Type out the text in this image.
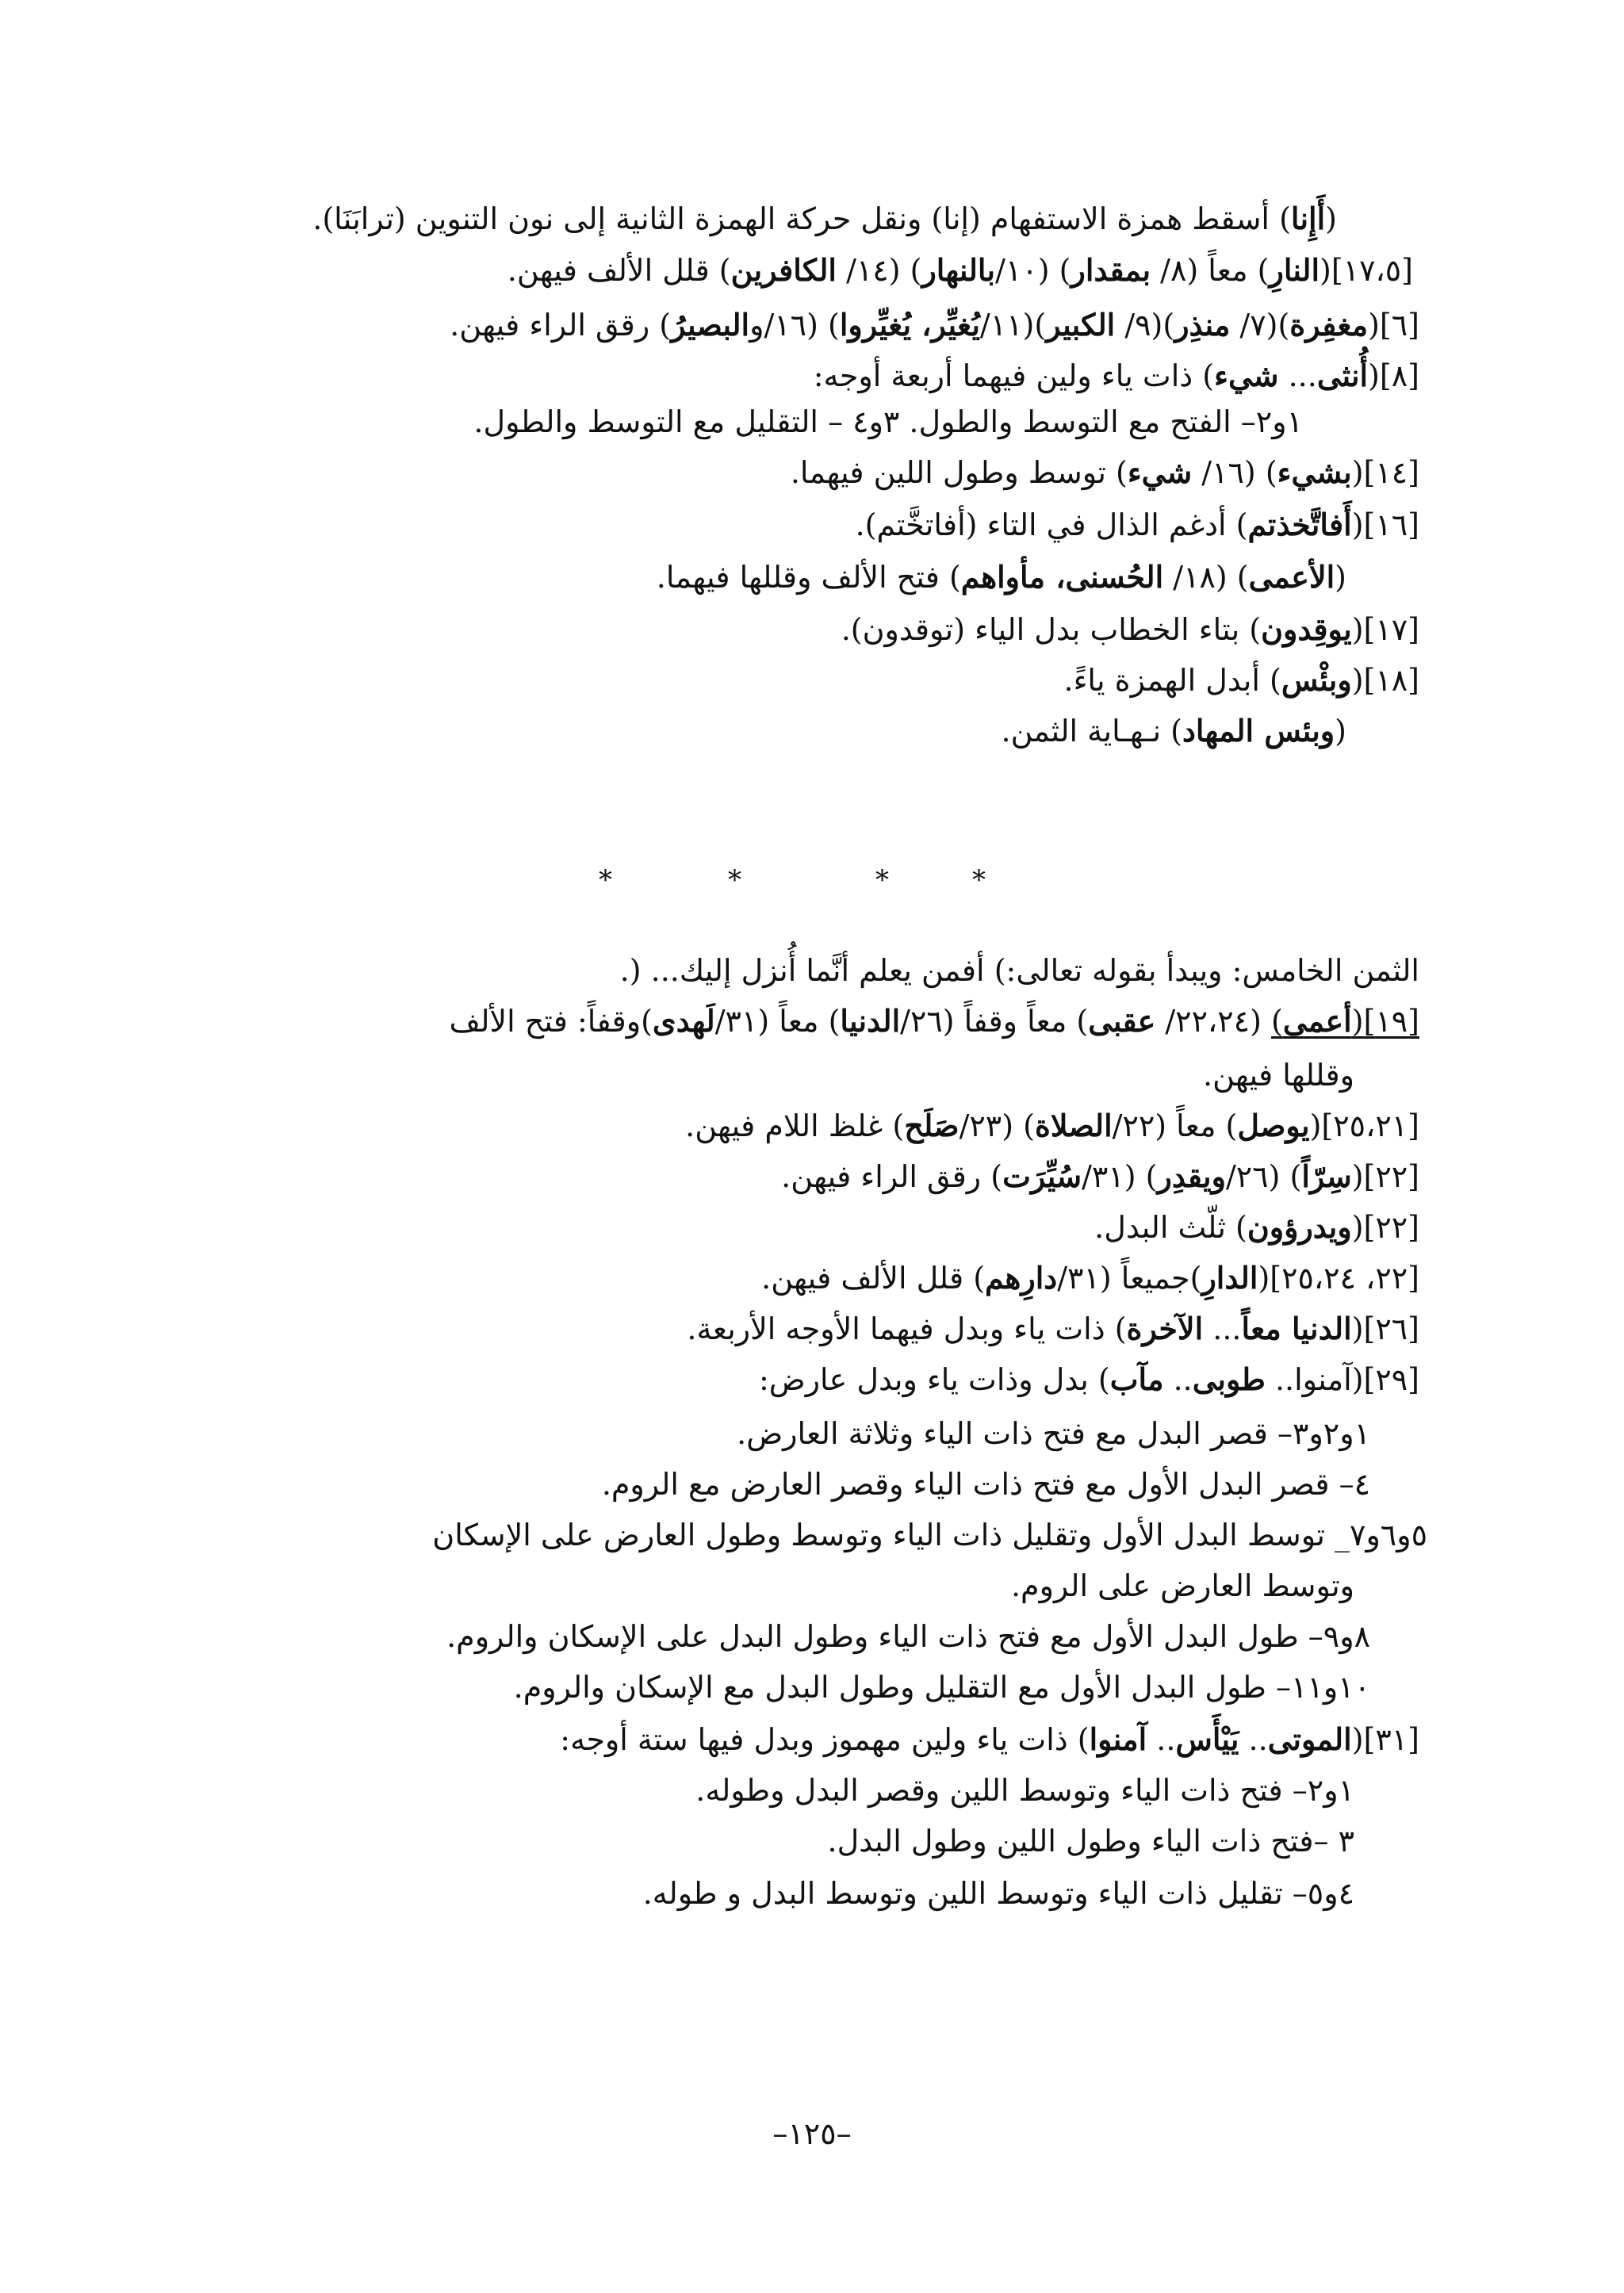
(أَإِنا) أسقط همزة الاستفهام (إنا) ونقل حركة الهمزة الثانية إلى نون التنوين (ترابَنَا).
[١٧،٥](النارِ) معاً (٨/ بمقدار) (١٠/بالنهار) (١٤/ الكافرين) قلل الألف فيهن.
[٦](مغفِرة)(٧/ منذِر)(٩/ الكبير)(١١/يُغيِّر، يُغيِّروا) (١٦/والبصيرُ) رقق الراء فيهن.
[٨](أُنثى... شيء) ذات ياء ولين فيهما أربعة أوجه:
١و٢– الفتح مع التوسط والطول. ٣و٤ – التقليل مع التوسط والطول.
[١٤](بشيء) (١٦/ شيء) توسط وطول اللين فيهما.
[١٦](أَفاتَّخذتم) أدغم الذال في التاء (أفاتخَّتم).
(الأعمى) (١٨/ الحُسنى، مأواهم) فتح الألف وقللها فيهما.
[١٧](يوقِدون) بتاء الخطاب بدل الياء (توقدون).
[١٨](وبئْس) أبدل الهمزة ياءً.
(وبئس المهاد) نـهـاية الثمن.
الثمن الخامس: ويبدأ بقوله تعالى:) أفمن يعلم أنَّما أُنزل إليك... (.
[١٩](أعمى) (٢٢،٢٤/ عقبى) معاً وقفاً (٢٦/الدنيا) معاً (٣١/لَهدى)وقفاً: فتح الألف
وقللها فيهن.
[٢٥،٢١](يوصل) معاً (٢٢/الصلاة) (٢٣/صَلَح) غلظ اللام فيهن.
[٢٢](سِرّاً) (٢٦/ويقدِر) (٣١/سُيِّرَت) رقق الراء فيهن.
[٢٢](ويدرؤون) ثلّث البدل.
[٢٢، ٢٥،٢٤](الدارِ)جميعاً (٣١/دارِهم) قلل الألف فيهن.
[٢٦](الدنيا معاً... الآخرة) ذات ياء وبدل فيهما الأوجه الأربعة.
[٢٩](آمنوا.. طوبى.. مآب) بدل وذات ياء وبدل عارض:
١و٢و٣– قصر البدل مع فتح ذات الياء وثلاثة العارض.
٤– قصر البدل الأول مع فتح ذات الياء وقصر العارض مع الروم.
٥و٦و٧_ توسط البدل الأول وتقليل ذات الياء وتوسط وطول العارض على الإسكان
وتوسط العارض على الروم.
٨و٩– طول البدل الأول مع فتح ذات الياء وطول البدل على الإسكان والروم.
١٠و١١– طول البدل الأول مع التقليل وطول البدل مع الإسكان والروم.
[٣١](الموتى.. يَيْأَس.. آمنوا) ذات ياء ولين مهموز وبدل فيها ستة أوجه:
١و٢– فتح ذات الياء وتوسط اللين وقصر البدل وطوله.
٣ –فتح ذات الياء وطول اللين وطول البدل.
٤و٥– تقليل ذات الياء وتوسط اللين وتوسط البدل و طوله.
*	*	*	*
–١٢٥–
